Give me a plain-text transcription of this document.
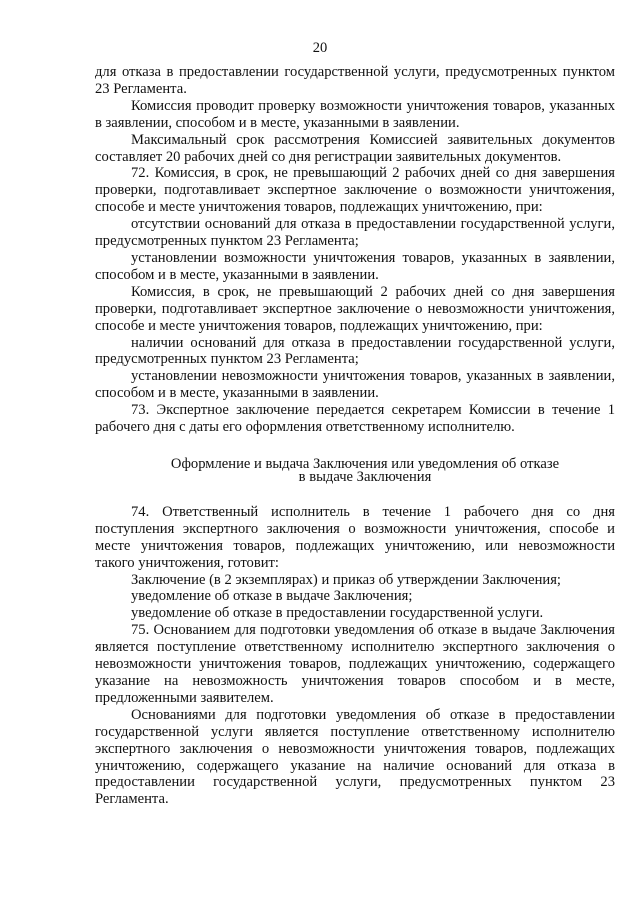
20

для отказа в предоставлении государственной услуги, предусмотренных пунктом 23 Регламента.

Комиссия проводит проверку возможности уничтожения товаров, указанных в заявлении, способом и в месте, указанными в заявлении.

Максимальный срок рассмотрения Комиссией заявительных документов составляет 20 рабочих дней со дня регистрации заявительных документов.

72. Комиссия, в срок, не превышающий 2 рабочих дней со дня завершения проверки, подготавливает экспертное заключение о возможности уничтожения, способе и месте уничтожения товаров, подлежащих уничтожению, при:

отсутствии оснований для отказа в предоставлении государственной услуги, предусмотренных пунктом 23 Регламента;

установлении возможности уничтожения товаров, указанных в заявлении, способом и в месте, указанными в заявлении.

Комиссия, в срок, не превышающий 2 рабочих дней со дня завершения проверки, подготавливает экспертное заключение о невозможности уничтожения, способе и месте уничтожения товаров, подлежащих уничтожению, при:

наличии оснований для отказа в предоставлении государственной услуги, предусмотренных пунктом 23 Регламента;

установлении невозможности уничтожения товаров, указанных в заявлении, способом и в месте, указанными в заявлении.

73. Экспертное заключение передается секретарем Комиссии в течение 1 рабочего дня с даты его оформления ответственному исполнителю.

Оформление и выдача Заключения или уведомления об отказе
в выдаче Заключения

74. Ответственный исполнитель в течение 1 рабочего дня со дня поступления экспертного заключения о возможности уничтожения, способе и месте уничтожения товаров, подлежащих уничтожению, или невозможности такого уничтожения, готовит:

Заключение (в 2 экземплярах) и приказ об утверждении Заключения;

уведомление об отказе в выдаче Заключения;

уведомление об отказе в предоставлении государственной услуги.

75. Основанием для подготовки уведомления об отказе в выдаче Заключения является поступление ответственному исполнителю экспертного заключения о невозможности уничтожения товаров, подлежащих уничтожению, содержащего указание на невозможность уничтожения товаров способом и в месте, предложенными заявителем.

Основаниями для подготовки уведомления об отказе в предоставлении государственной услуги является поступление ответственному исполнителю экспертного заключения о невозможности уничтожения товаров, подлежащих уничтожению, содержащего указание на наличие оснований для отказа в предоставлении государственной услуги, предусмотренных пунктом 23 Регламента.
